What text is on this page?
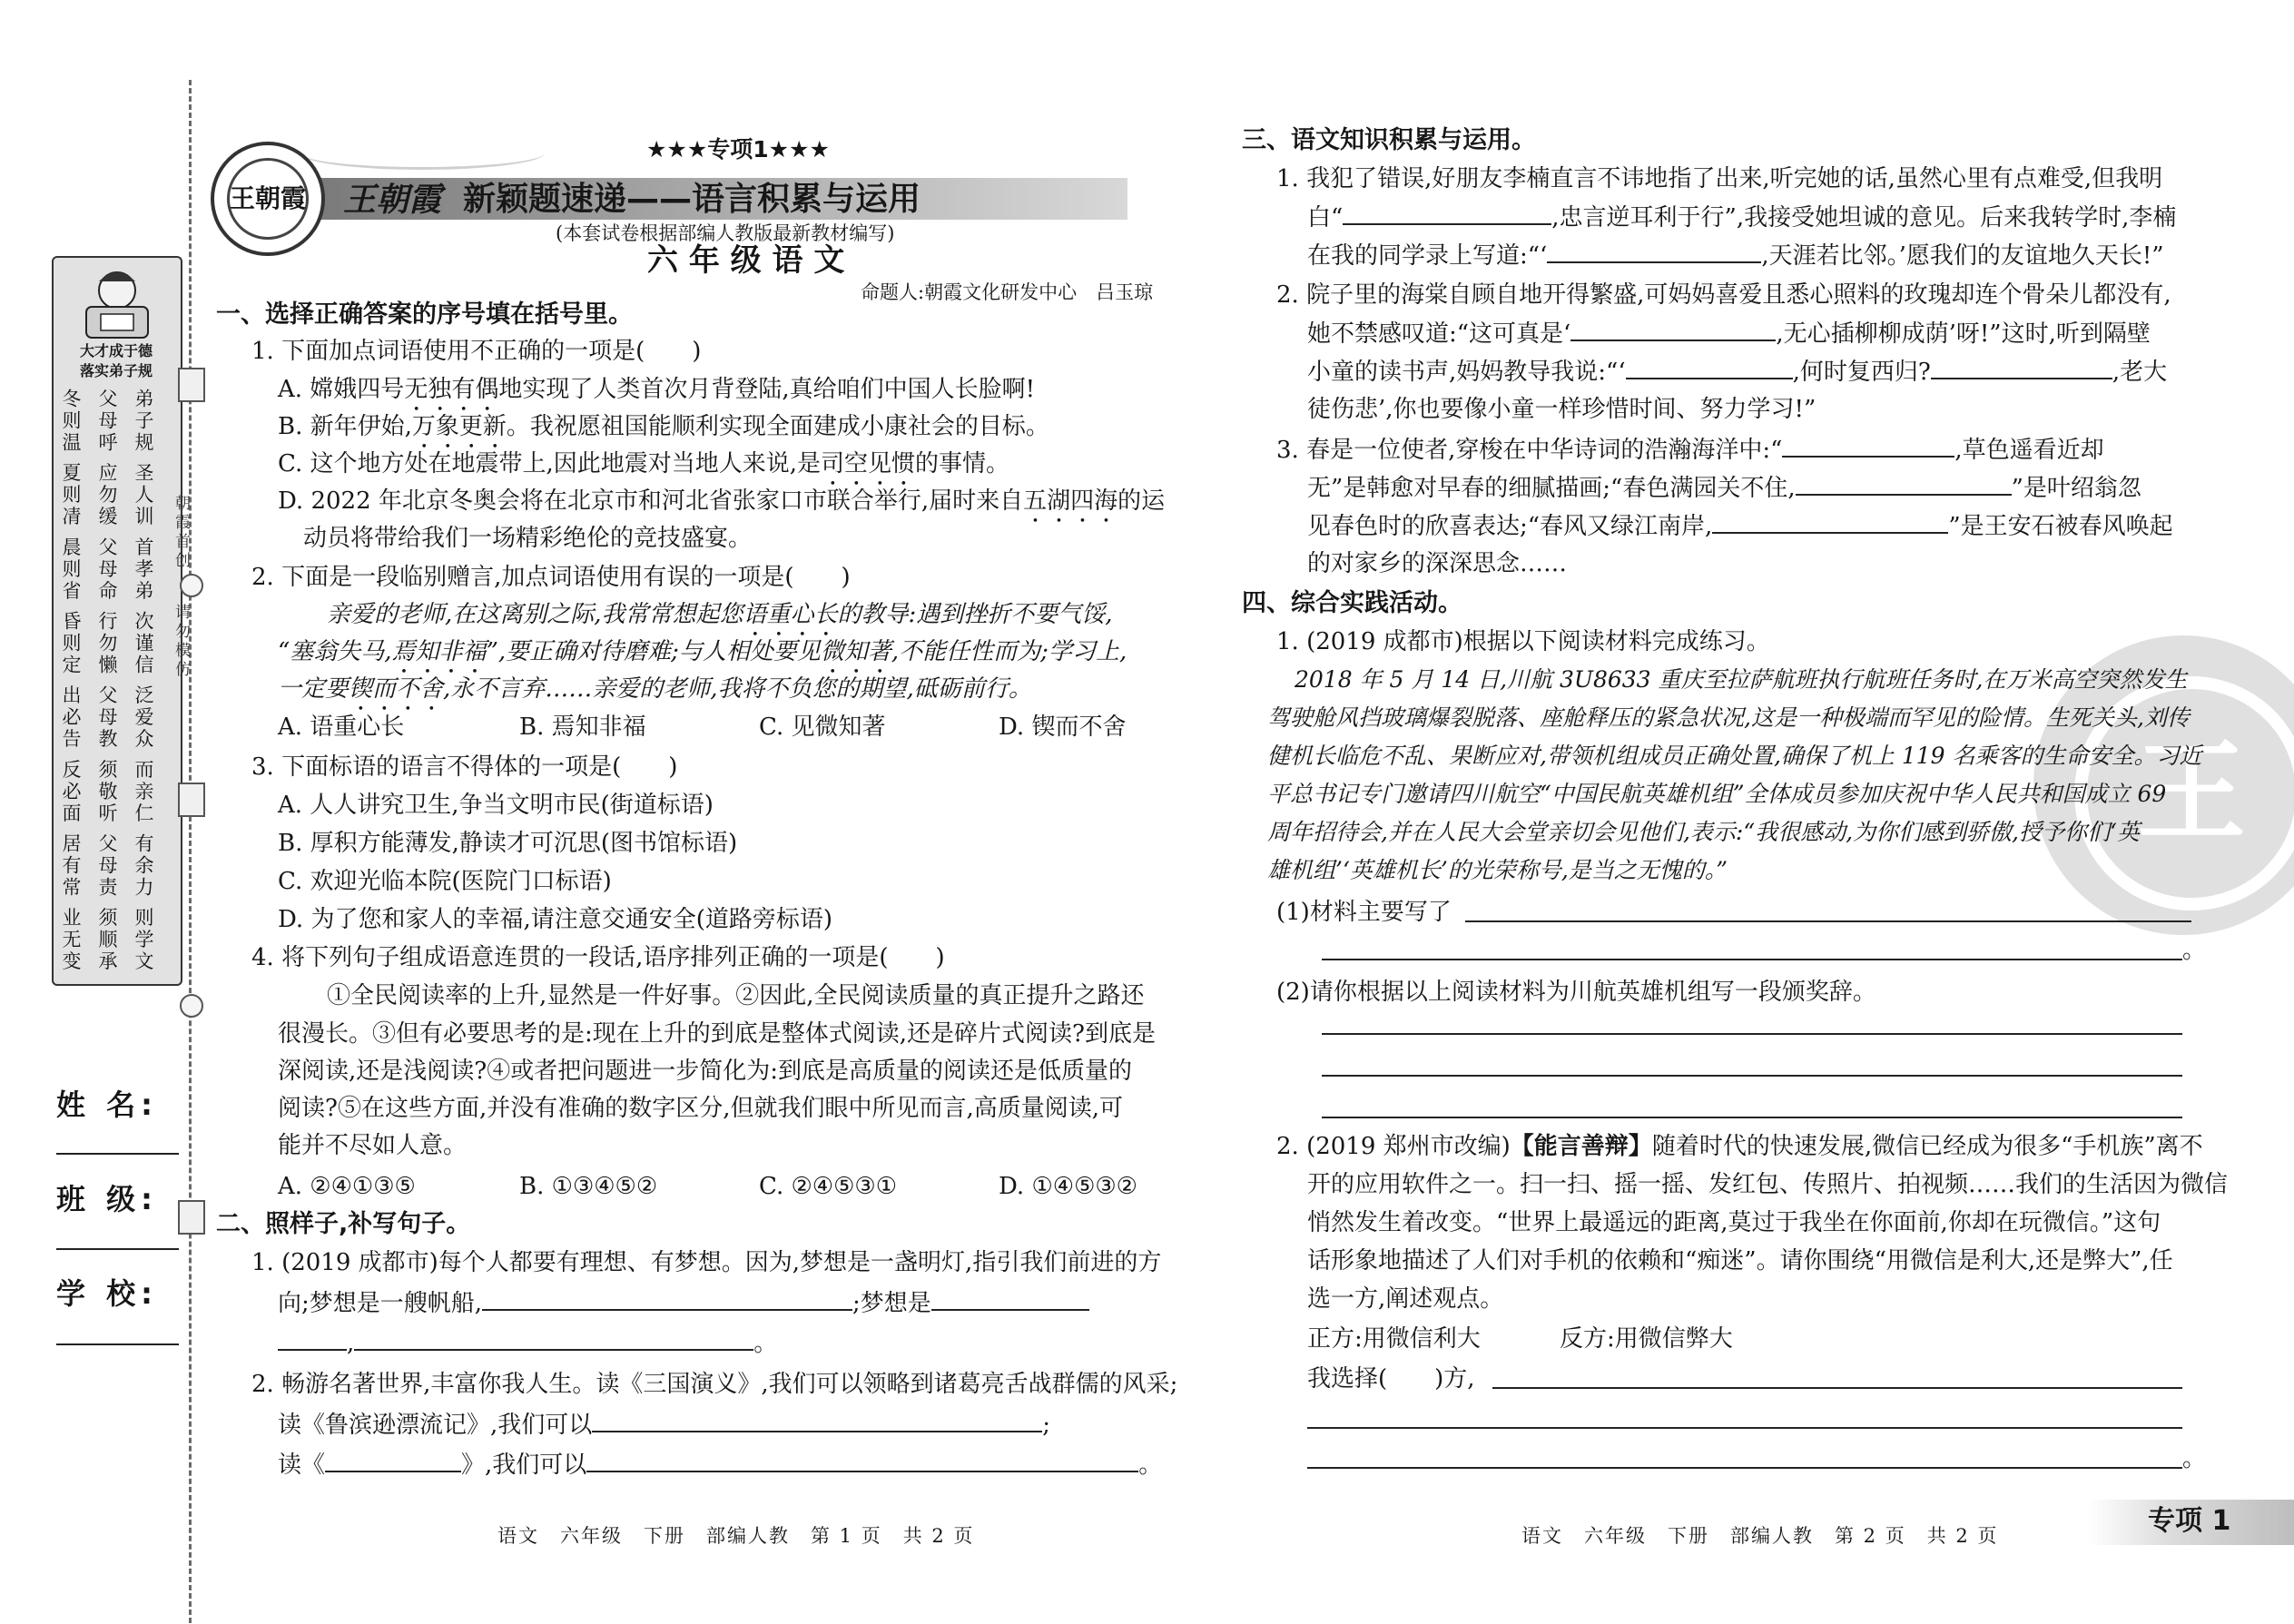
大才成于德
落实弟子规
冬则温 夏则凊 晨则省 昏则定 出必告 反必面 居有常 业无变 父母呼 应勿缓 父母命 行勿懒 父母教 须敬听 父母责 须顺承 弟子规 圣人训 首孝弟 次谨信 泛爱众 而亲仁 有余力 则学文 朝霞首创
请勿模仿
姓 名:
班 级:
学 校:
★★★专项1★★★
王朝霞 王朝霞 新颖题速递——语言积累与运用
(本套试卷根据部编人教版最新教材编写)
六 年 级 语 文
命题人:朝霞文化研发中心　吕玉琼
一、选择正确答案的序号填在括号里。
1. 下面加点词语使用不正确的一项是(　　)
A. 嫦娥四号无独有偶地实现了人类首次月背登陆,真给咱们中国人长脸啊!
B. 新年伊始,万象更新。我祝愿祖国能顺利实现全面建成小康社会的目标。
C. 这个地方处在地震带上,因此地震对当地人来说,是司空见惯的事情。
D. 2022 年北京冬奥会将在北京市和河北省张家口市联合举行,届时来自五湖四海的运
动员将带给我们一场精彩绝伦的竞技盛宴。
2. 下面是一段临别赠言,加点词语使用有误的一项是(　　)
亲爱的老师,在这离别之际,我常常想起您语重心长的教导:遇到挫折不要气馁,
“塞翁失马,焉知非福”,要正确对待磨难;与人相处要见微知著,不能任性而为;学习上,
一定要锲而不舍,永不言弃……亲爱的老师,我将不负您的期望,砥砺前行。
A. 语重心长	B. 焉知非福	C. 见微知著	D. 锲而不舍
3. 下面标语的语言不得体的一项是(　　)
A. 人人讲究卫生,争当文明市民(街道标语)
B. 厚积方能薄发,静读才可沉思(图书馆标语)
C. 欢迎光临本院(医院门口标语)
D. 为了您和家人的幸福,请注意交通安全(道路旁标语)
4. 将下列句子组成语意连贯的一段话,语序排列正确的一项是(　　)
①全民阅读率的上升,显然是一件好事。②因此,全民阅读质量的真正提升之路还
很漫长。③但有必要思考的是:现在上升的到底是整体式阅读,还是碎片式阅读?到底是
深阅读,还是浅阅读?④或者把问题进一步简化为:到底是高质量的阅读还是低质量的
阅读?⑤在这些方面,并没有准确的数字区分,但就我们眼中所见而言,高质量阅读,可
能并不尽如人意。
A. ②④①③⑤	B. ①③④⑤②	C. ②④⑤③①	D. ①④⑤③②
二、照样子,补写句子。
1. (2019 成都市)每个人都要有理想、有梦想。因为,梦想是一盏明灯,指引我们前进的方
向;梦想是一艘帆船,	;梦想是
,	。
2. 畅游名著世界,丰富你我人生。读《三国演义》,我们可以领略到诸葛亮舌战群儒的风采;
读《鲁滨逊漂流记》,我们可以	;
读《	》,我们可以	。
语文　六年级　下册　部编人教　第 1 页　共 2 页
王
三、语文知识积累与运用。
1. 我犯了错误,好朋友李楠直言不讳地指了出来,听完她的话,虽然心里有点难受,但我明
白“	,忠言逆耳利于行”,我接受她坦诚的意见。后来我转学时,李楠
在我的同学录上写道:“‘	,天涯若比邻。’愿我们的友谊地久天长!”
2. 院子里的海棠自顾自地开得繁盛,可妈妈喜爱且悉心照料的玫瑰却连个骨朵儿都没有,
她不禁感叹道:“这可真是‘	,无心插柳柳成荫’呀!”这时,听到隔壁
小童的读书声,妈妈教导我说:“‘	,何时复西归?	,老大
徒伤悲’,你也要像小童一样珍惜时间、努力学习!”
3. 春是一位使者,穿梭在中华诗词的浩瀚海洋中:“	,草色遥看近却
无”是韩愈对早春的细腻描画;“春色满园关不住,	”是叶绍翁忽
见春色时的欣喜表达;“春风又绿江南岸,	”是王安石被春风唤起
的对家乡的深深思念……
四、综合实践活动。
1. (2019 成都市)根据以下阅读材料完成练习。
2018 年 5 月 14 日,川航 3U8633 重庆至拉萨航班执行航班任务时,在万米高空突然发生
驾驶舱风挡玻璃爆裂脱落、座舱释压的紧急状况,这是一种极端而罕见的险情。生死关头,刘传
健机长临危不乱、果断应对,带领机组成员正确处置,确保了机上 119 名乘客的生命安全。习近
平总书记专门邀请四川航空“中国民航英雄机组”全体成员参加庆祝中华人民共和国成立 69
周年招待会,并在人民大会堂亲切会见他们,表示:“我很感动,为你们感到骄傲,授予你们‘英
雄机组’‘英雄机长’的光荣称号,是当之无愧的。”
(1)材料主要写了
。
(2)请你根据以上阅读材料为川航英雄机组写一段颁奖辞。
2. (2019 郑州市改编)【能言善辩】随着时代的快速发展,微信已经成为很多“手机族”离不
开的应用软件之一。扫一扫、摇一摇、发红包、传照片、拍视频……我们的生活因为微信
悄然发生着改变。“世界上最遥远的距离,莫过于我坐在你面前,你却在玩微信。”这句
话形象地描述了人们对手机的依赖和“痴迷”。请你围绕“用微信是利大,还是弊大”,任
选一方,阐述观点。
正方:用微信利大	反方:用微信弊大
我选择(　　)方,
。
语文　六年级　下册　部编人教　第 2 页　共 2 页	专项 1
